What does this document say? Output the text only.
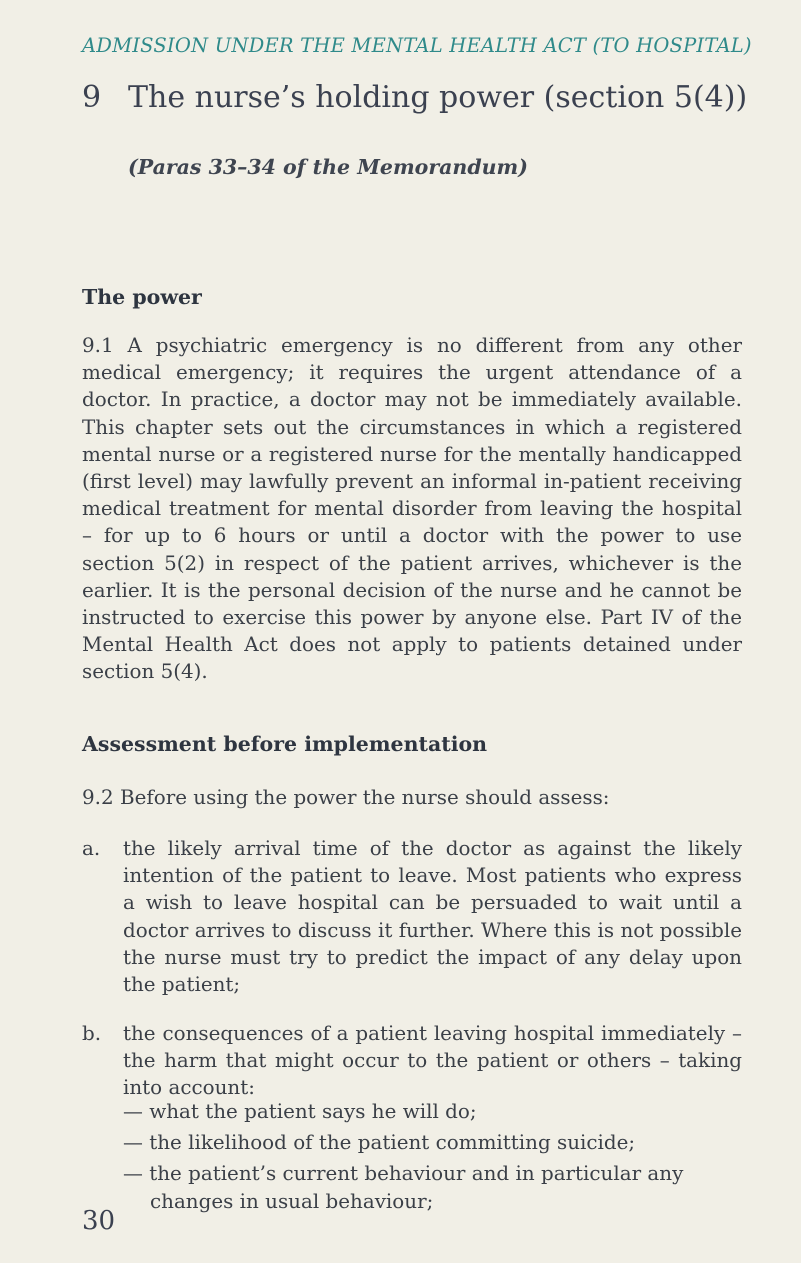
ADMISSION UNDER THE MENTAL HEALTH ACT (TO HOSPITAL)
9 The nurse’s holding power (section 5(4))
(Paras 33–34 of the Memorandum)
The power
9.1 A psychiatric emergency is no different from any other medical emergency; it requires the urgent attendance of a doctor. In practice, a doctor may not be immediately available. This chapter sets out the circumstances in which a registered mental nurse or a registered nurse for the mentally handicapped (first level) may lawfully prevent an informal in-patient receiving medical treatment for mental disorder from leaving the hospital – for up to 6 hours or until a doctor with the power to use section 5(2) in respect of the patient arrives, whichever is the earlier. It is the personal decision of the nurse and he cannot be instructed to exercise this power by anyone else. Part IV of the Mental Health Act does not apply to patients detained under section 5(4).
Assessment before implementation
9.2 Before using the power the nurse should assess:
a. the likely arrival time of the doctor as against the likely intention of the patient to leave. Most patients who express a wish to leave hospital can be persuaded to wait until a doctor arrives to discuss it further. Where this is not possible the nurse must try to predict the impact of any delay upon the patient;
b. the consequences of a patient leaving hospital immediately – the harm that might occur to the patient or others – taking into account:
— what the patient says he will do;
— the likelihood of the patient committing suicide;
— the patient’s current behaviour and in particular any changes in usual behaviour;
30
